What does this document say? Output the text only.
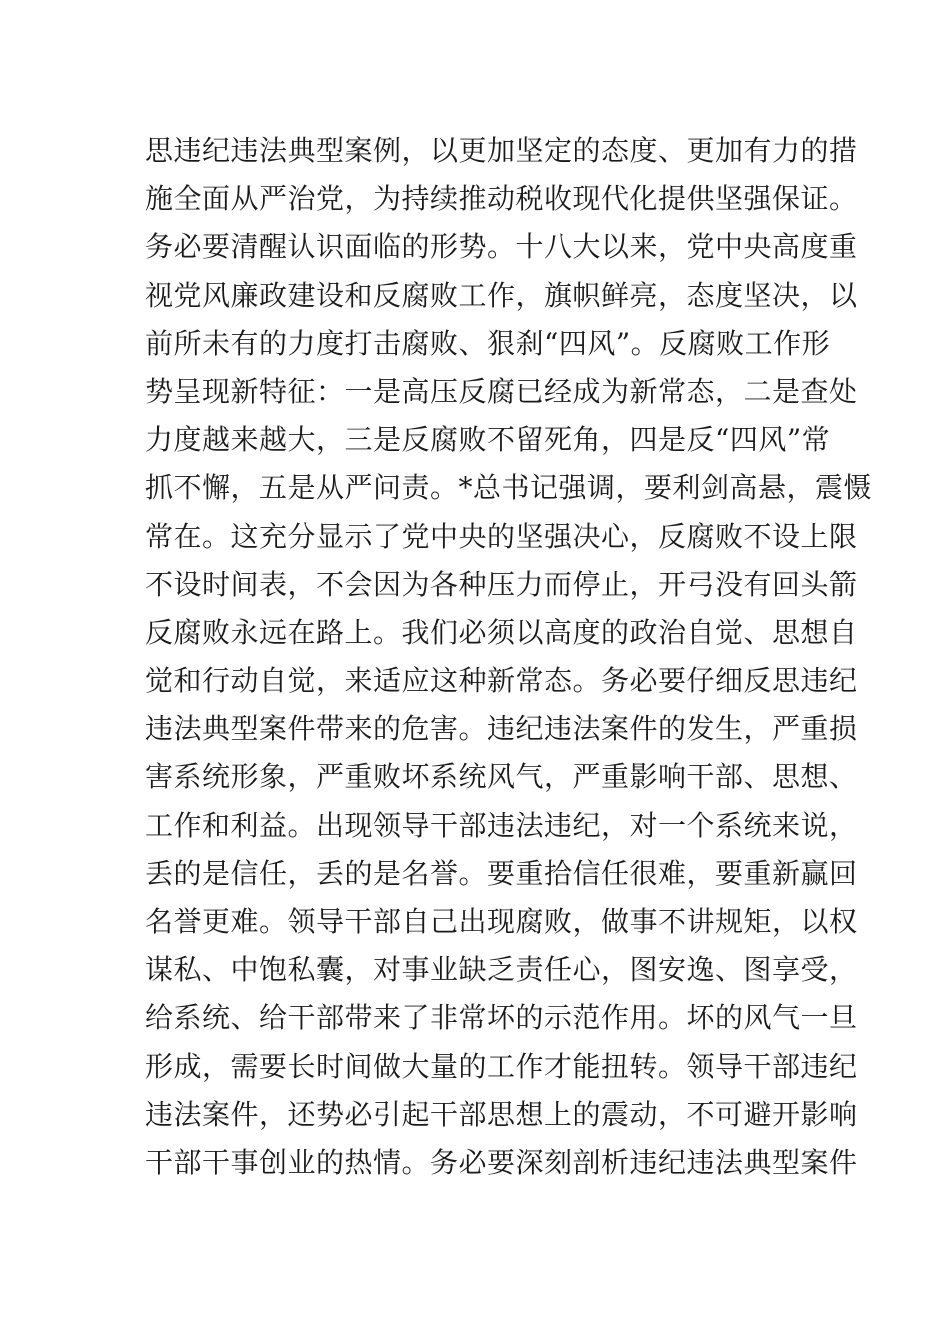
思违纪违法典型案例，以更加坚定的态度、更加有力的措
施全面从严治党，为持续推动税收现代化提供坚强保证。
务必要清醒认识面临的形势。十八大以来，党中央高度重
视党风廉政建设和反腐败工作，旗帜鲜亮，态度坚决，以
前所未有的力度打击腐败、狠刹“四风”。反腐败工作形
势呈现新特征：一是高压反腐已经成为新常态，二是查处
力度越来越大，三是反腐败不留死角，四是反“四风”常
抓不懈，五是从严问责。*总书记强调，要利剑高悬，震慑
常在。这充分显示了党中央的坚强决心，反腐败不设上限
不设时间表，不会因为各种压力而停止，开弓没有回头箭
反腐败永远在路上。我们必须以高度的政治自觉、思想自
觉和行动自觉，来适应这种新常态。务必要仔细反思违纪
违法典型案件带来的危害。违纪违法案件的发生，严重损
害系统形象，严重败坏系统风气，严重影响干部、思想、
工作和利益。出现领导干部违法违纪，对一个系统来说，
丢的是信任，丢的是名誉。要重拾信任很难，要重新赢回
名誉更难。领导干部自己出现腐败，做事不讲规矩，以权
谋私、中饱私囊，对事业缺乏责任心，图安逸、图享受，
给系统、给干部带来了非常坏的示范作用。坏的风气一旦
形成，需要长时间做大量的工作才能扭转。领导干部违纪
违法案件，还势必引起干部思想上的震动，不可避开影响
干部干事创业的热情。务必要深刻剖析违纪违法典型案件
